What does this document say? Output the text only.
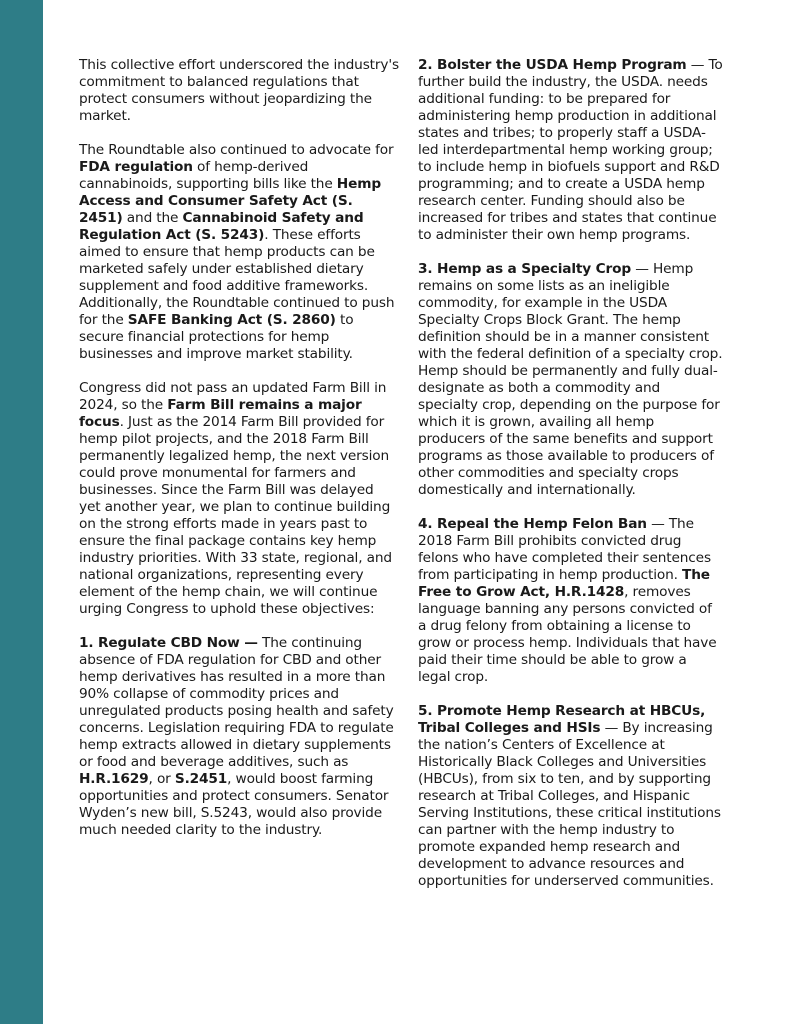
This collective effort underscored the industry's commitment to balanced regulations that protect consumers without jeopardizing the market.

The Roundtable also continued to advocate for FDA regulation of hemp-derived cannabinoids, supporting bills like the Hemp Access and Consumer Safety Act (S. 2451) and the Cannabinoid Safety and Regulation Act (S. 5243). These efforts aimed to ensure that hemp products can be marketed safely under established dietary supplement and food additive frameworks. Additionally, the Roundtable continued to push for the SAFE Banking Act (S. 2860) to secure financial protections for hemp businesses and improve market stability.

Congress did not pass an updated Farm Bill in 2024, so the Farm Bill remains a major focus. Just as the 2014 Farm Bill provided for hemp pilot projects, and the 2018 Farm Bill permanently legalized hemp, the next version could prove monumental for farmers and businesses. Since the Farm Bill was delayed yet another year, we plan to continue building on the strong efforts made in years past to ensure the final package contains key hemp industry priorities. With 33 state, regional, and national organizations, representing every element of the hemp chain, we will continue urging Congress to uphold these objectives:

1. Regulate CBD Now — The continuing absence of FDA regulation for CBD and other hemp derivatives has resulted in a more than 90% collapse of commodity prices and unregulated products posing health and safety concerns. Legislation requiring FDA to regulate hemp extracts allowed in dietary supplements or food and beverage additives, such as H.R.1629, or S.2451, would boost farming opportunities and protect consumers. Senator Wyden’s new bill, S.5243, would also provide much needed clarity to the industry.

2. Bolster the USDA Hemp Program — To further build the industry, the USDA. needs additional funding: to be prepared for administering hemp production in additional states and tribes; to properly staff a USDA-led interdepartmental hemp working group; to include hemp in biofuels support and R&D programming; and to create a USDA hemp research center. Funding should also be increased for tribes and states that continue to administer their own hemp programs.

3. Hemp as a Specialty Crop — Hemp remains on some lists as an ineligible commodity, for example in the USDA Specialty Crops Block Grant. The hemp definition should be in a manner consistent with the federal definition of a specialty crop. Hemp should be permanently and fully dual-designate as both a commodity and specialty crop, depending on the purpose for which it is grown, availing all hemp producers of the same benefits and support programs as those available to producers of other commodities and specialty crops domestically and internationally.

4. Repeal the Hemp Felon Ban — The 2018 Farm Bill prohibits convicted drug felons who have completed their sentences from participating in hemp production. The Free to Grow Act, H.R.1428, removes language banning any persons convicted of a drug felony from obtaining a license to grow or process hemp. Individuals that have paid their time should be able to grow a legal crop.

5. Promote Hemp Research at HBCUs, Tribal Colleges and HSIs — By increasing the nation’s Centers of Excellence at Historically Black Colleges and Universities (HBCUs), from six to ten, and by supporting research at Tribal Colleges, and Hispanic Serving Institutions, these critical institutions can partner with the hemp industry to promote expanded hemp research and development to advance resources and opportunities for underserved communities.
